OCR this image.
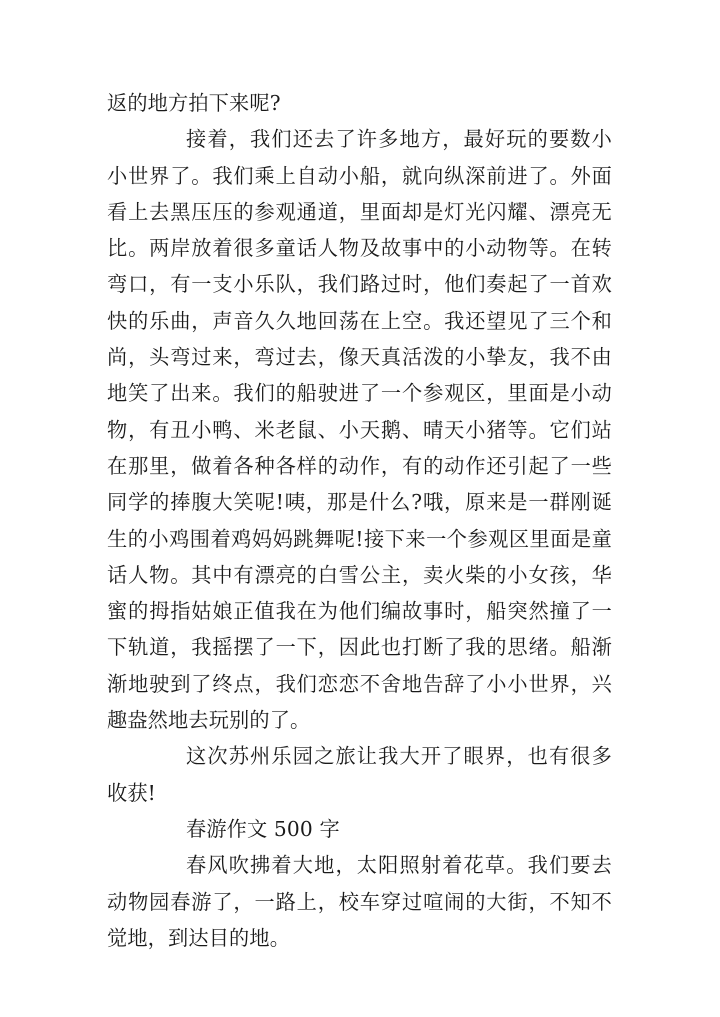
返的地方拍下来呢?

接着，我们还去了许多地方，最好玩的要数小小世界了。我们乘上自动小船，就向纵深前进了。外面看上去黑压压的参观通道，里面却是灯光闪耀、漂亮无比。两岸放着很多童话人物及故事中的小动物等。在转弯口，有一支小乐队，我们路过时，他们奏起了一首欢快的乐曲，声音久久地回荡在上空。我还望见了三个和尚，头弯过来，弯过去，像天真活泼的小挚友，我不由地笑了出来。我们的船驶进了一个参观区，里面是小动物，有丑小鸭、米老鼠、小天鹅、晴天小猪等。它们站在那里，做着各种各样的动作，有的动作还引起了一些同学的捧腹大笑呢!咦，那是什么?哦，原来是一群刚诞生的小鸡围着鸡妈妈跳舞呢!接下来一个参观区里面是童话人物。其中有漂亮的白雪公主，卖火柴的小女孩，华蜜的拇指姑娘正值我在为他们编故事时，船突然撞了一下轨道，我摇摆了一下，因此也打断了我的思绪。船渐渐地驶到了终点，我们恋恋不舍地告辞了小小世界，兴趣盎然地去玩别的了。

这次苏州乐园之旅让我大开了眼界，也有很多收获!

春游作文 500 字

春风吹拂着大地，太阳照射着花草。我们要去动物园春游了，一路上，校车穿过喧闹的大街，不知不觉地，到达目的地。
